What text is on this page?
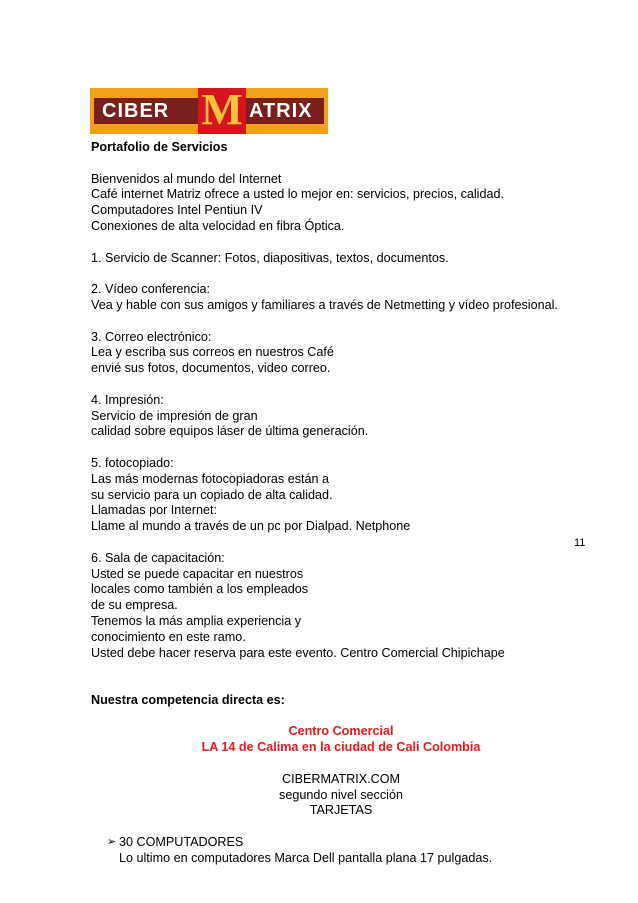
CIBER M ATRIX
11
Portafolio de Servicios
Bienvenidos al mundo del Internet
Café internet Matriz ofrece a usted lo mejor en: servicios, precios, calidad.
Computadores Intel Pentiun IV
Conexiones de alta velocidad en fibra Óptica.
1. Servicio de Scanner: Fotos, diapositivas, textos, documentos.
2. Vídeo conferencia:
Vea y hable con sus amigos y familiares a través de Netmetting y vídeo profesional.
3. Correo electrónico:
Lea y escriba sus correos en nuestros Café
envié sus fotos, documentos, video correo.
4. Impresión:
Servicio de impresión de gran
calidad sobre equipos láser de última generación.
5. fotocopiado:
Las más modernas fotocopiadoras están a
su servicio para un copiado de alta calidad.
Llamadas por Internet:
Llame al mundo a través de un pc por Dialpad. Netphone
6. Sala de capacitación:
Usted se puede capacitar en nuestros
locales como también a los empleados
de su empresa.
Tenemos la más amplia experiencia y
conocimiento en este ramo.
Usted debe hacer reserva para este evento. Centro Comercial Chipichape
Nuestra competencia directa es:
Centro Comercial
LA 14 de Calima en la ciudad de Cali Colombia
CIBERMATRIX.COM
segundo nivel sección
TARJETAS
➢ 30 COMPUTADORES
Lo ultimo en computadores Marca Dell pantalla plana 17 pulgadas.
